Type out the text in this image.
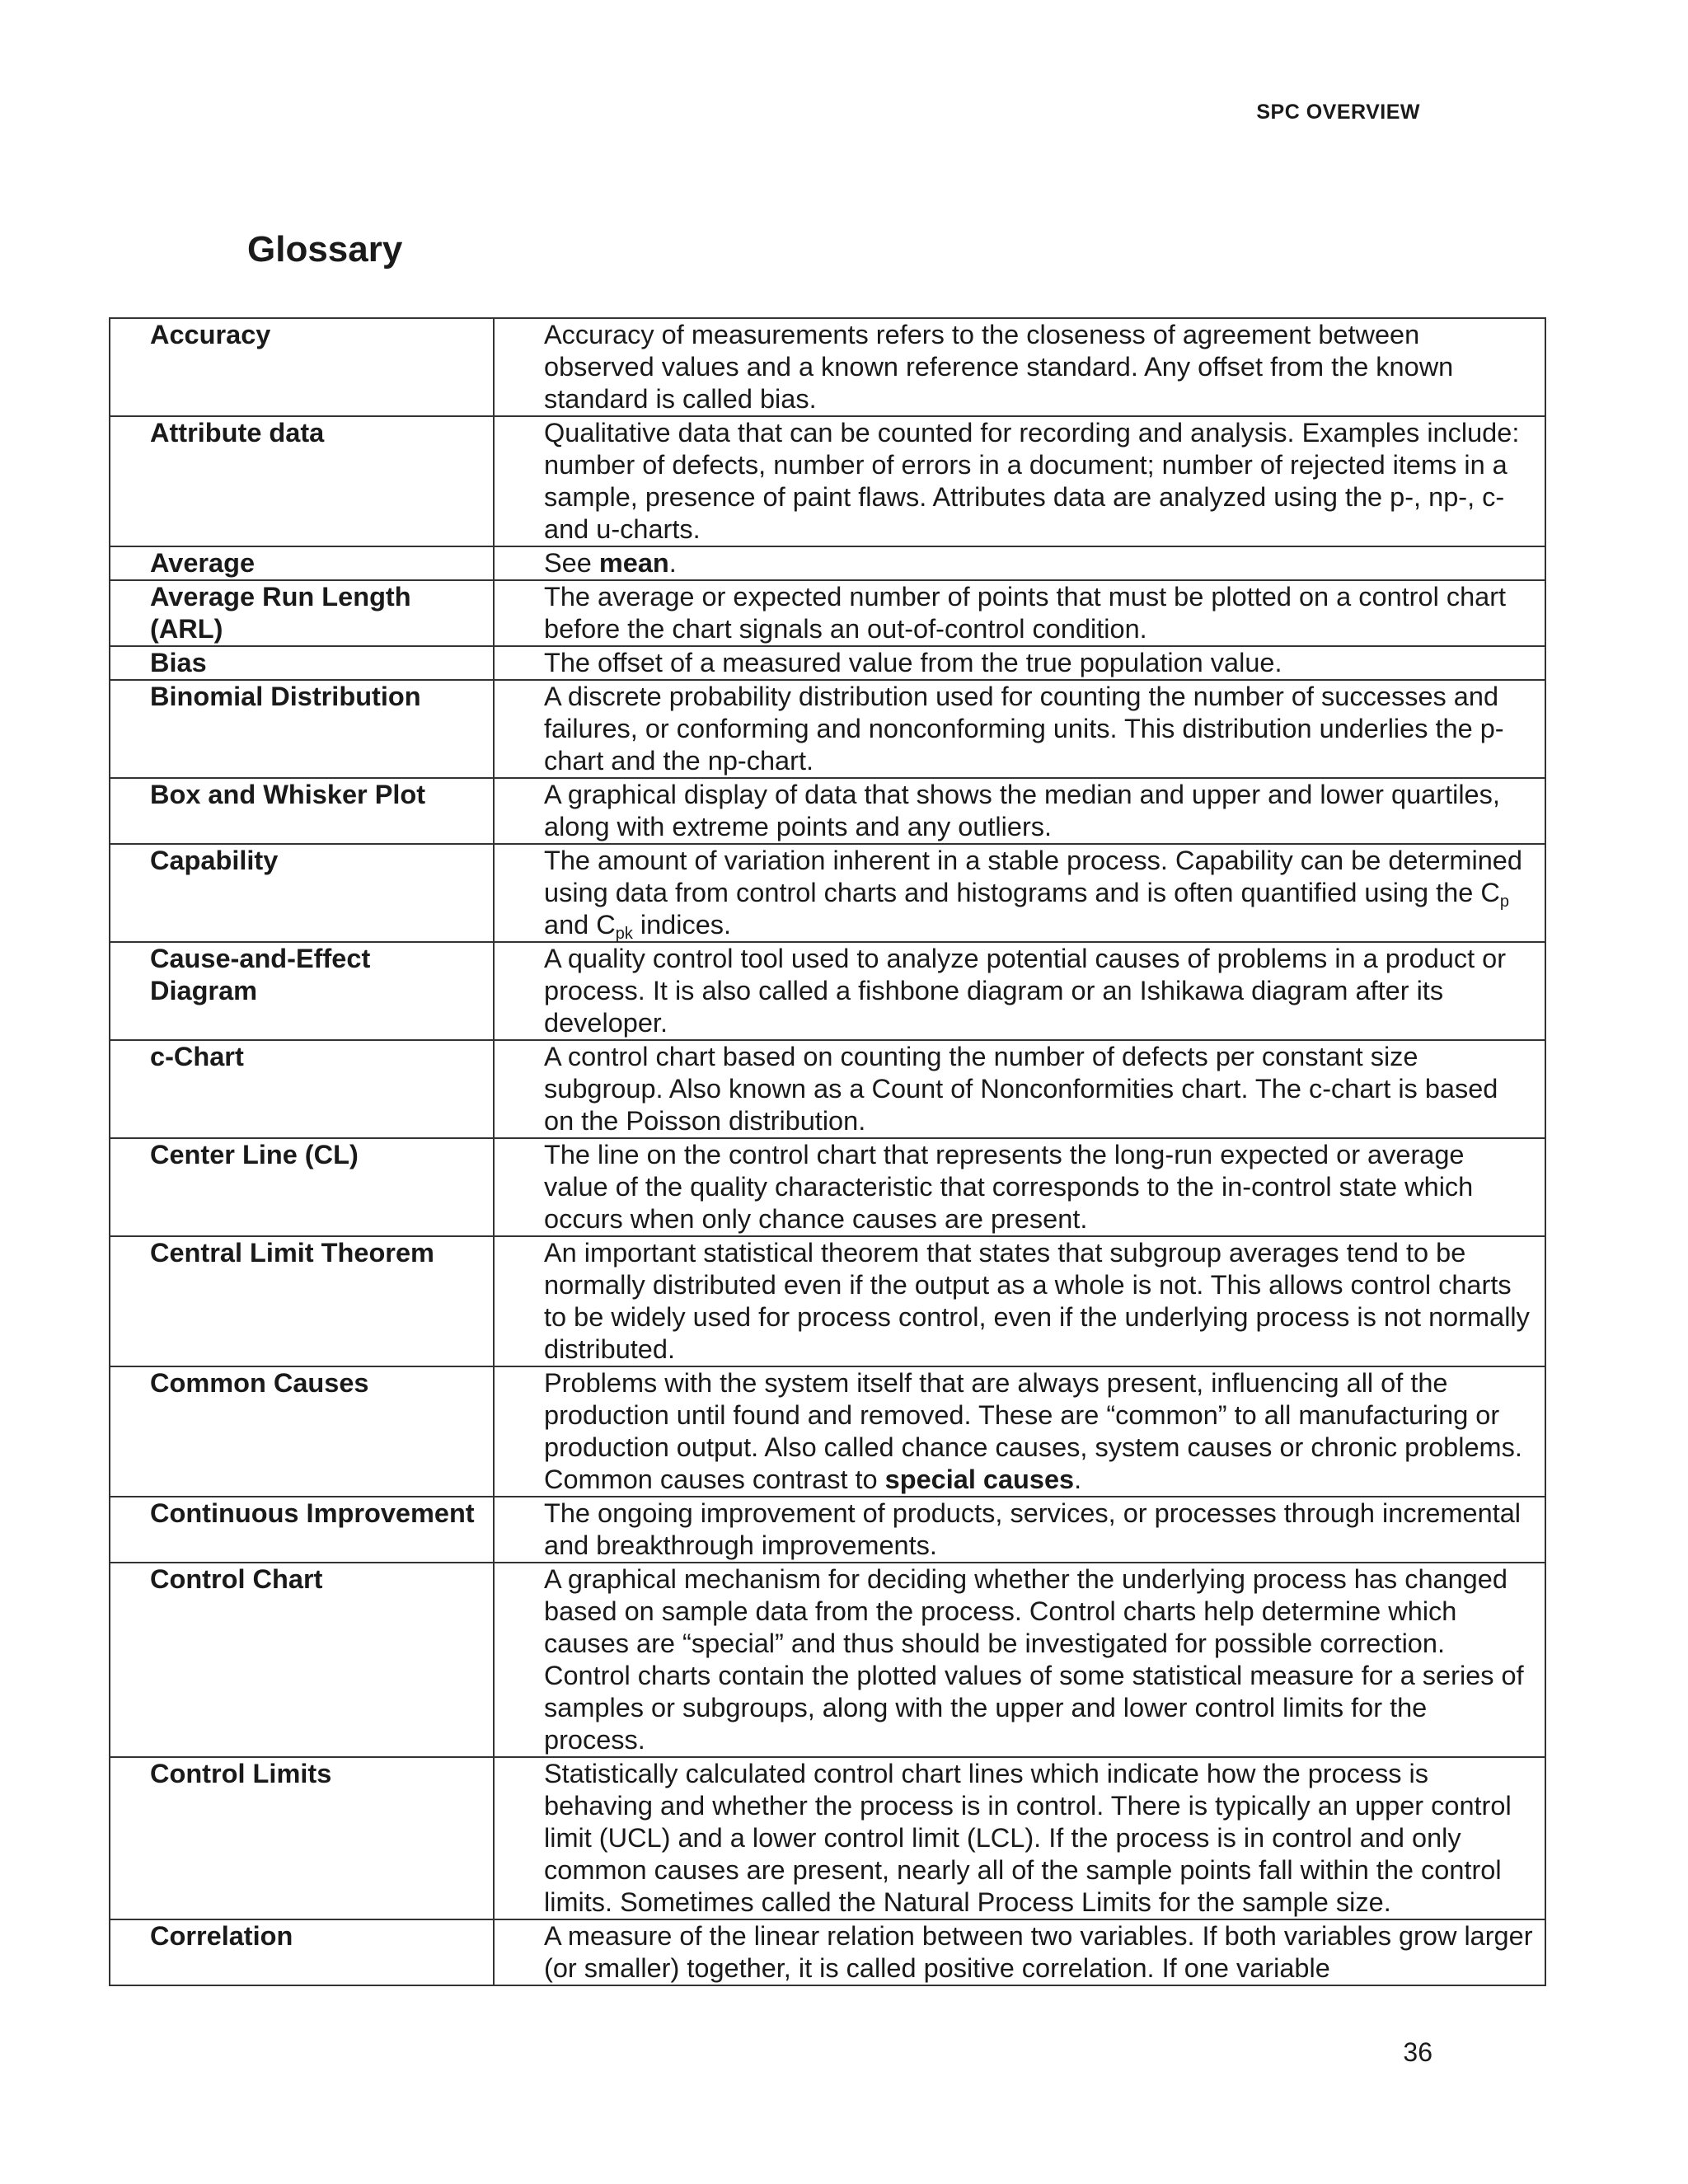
SPC OVERVIEW
Glossary
Accuracy	Accuracy of measurements refers to the closeness of agreement between observed values and a known reference standard. Any offset from the known standard is called bias.
Attribute data	Qualitative data that can be counted for recording and analysis. Examples include: number of defects, number of errors in a document; number of rejected items in a sample, presence of paint flaws. Attributes data are analyzed using the p-, np-, c- and u-charts.
Average	See mean.
Average Run Length (ARL)	The average or expected number of points that must be plotted on a control chart before the chart signals an out-of-control condition.
Bias	The offset of a measured value from the true population value.
Binomial Distribution	A discrete probability distribution used for counting the number of successes and failures, or conforming and nonconforming units. This distribution underlies the p-chart and the np-chart.
Box and Whisker Plot	A graphical display of data that shows the median and upper and lower quartiles, along with extreme points and any outliers.
Capability	The amount of variation inherent in a stable process. Capability can be determined using data from control charts and histograms and is often quantified using the $C_p$ and $C_{pk}$ indices.
Cause-and-Effect Diagram	A quality control tool used to analyze potential causes of problems in a product or process. It is also called a fishbone diagram or an Ishikawa diagram after its developer.
c-Chart	A control chart based on counting the number of defects per constant size subgroup. Also known as a Count of Nonconformities chart. The c-chart is based on the Poisson distribution.
Center Line (CL)	The line on the control chart that represents the long-run expected or average value of the quality characteristic that corresponds to the in-control state which occurs when only chance causes are present.
Central Limit Theorem	An important statistical theorem that states that subgroup averages tend to be normally distributed even if the output as a whole is not. This allows control charts to be widely used for process control, even if the underlying process is not normally distributed.
Common Causes	Problems with the system itself that are always present, influencing all of the production until found and removed. These are “common” to all manufacturing or production output. Also called chance causes, system causes or chronic problems. Common causes contrast to special causes.
Continuous Improvement	The ongoing improvement of products, services, or processes through incremental and breakthrough improvements.
Control Chart	A graphical mechanism for deciding whether the underlying process has changed based on sample data from the process. Control charts help determine which causes are “special” and thus should be investigated for possible correction. Control charts contain the plotted values of some statistical measure for a series of samples or subgroups, along with the upper and lower control limits for the process.
Control Limits	Statistically calculated control chart lines which indicate how the process is behaving and whether the process is in control. There is typically an upper control limit (UCL) and a lower control limit (LCL). If the process is in control and only common causes are present, nearly all of the sample points fall within the control limits. Sometimes called the Natural Process Limits for the sample size.
Correlation	A measure of the linear relation between two variables. If both variables grow larger (or smaller) together, it is called positive correlation. If one variable
36
